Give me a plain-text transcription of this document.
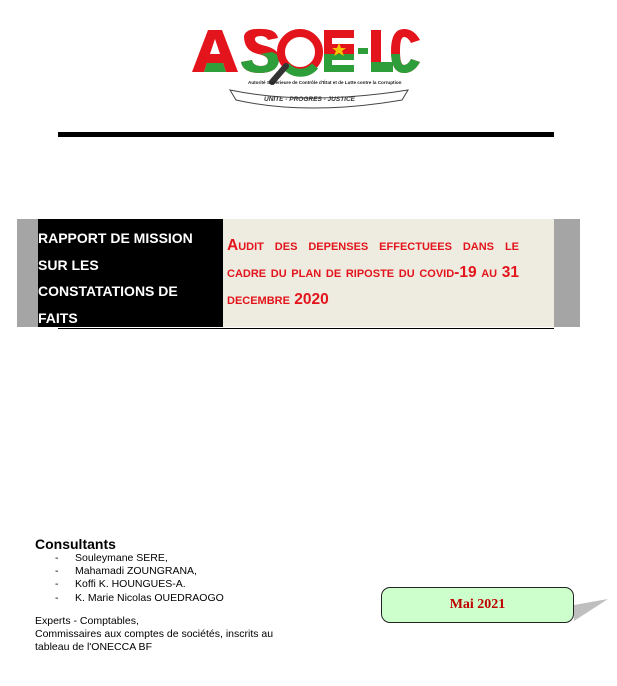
Autorité Supérieure de Contrôle d'État et de Lutte contre la Corruption
UNITE - PROGRES - JUSTICE
RAPPORT DE MISSION SUR LES CONSTATATIONS DE FAITS
Audit des depenses effectuees dans le cadre du plan de riposte du covid-19 au 31 decembre 2020
Consultants
- Souleymane SERE,
- Mahamadi ZOUNGRANA,
- Koffi K. HOUNGUES-A.
- K. Marie Nicolas OUEDRAOGO
Experts - Comptables,
Commissaires aux comptes de sociétés, inscrits au
tableau de l'ONECCA BF
Mai 2021
